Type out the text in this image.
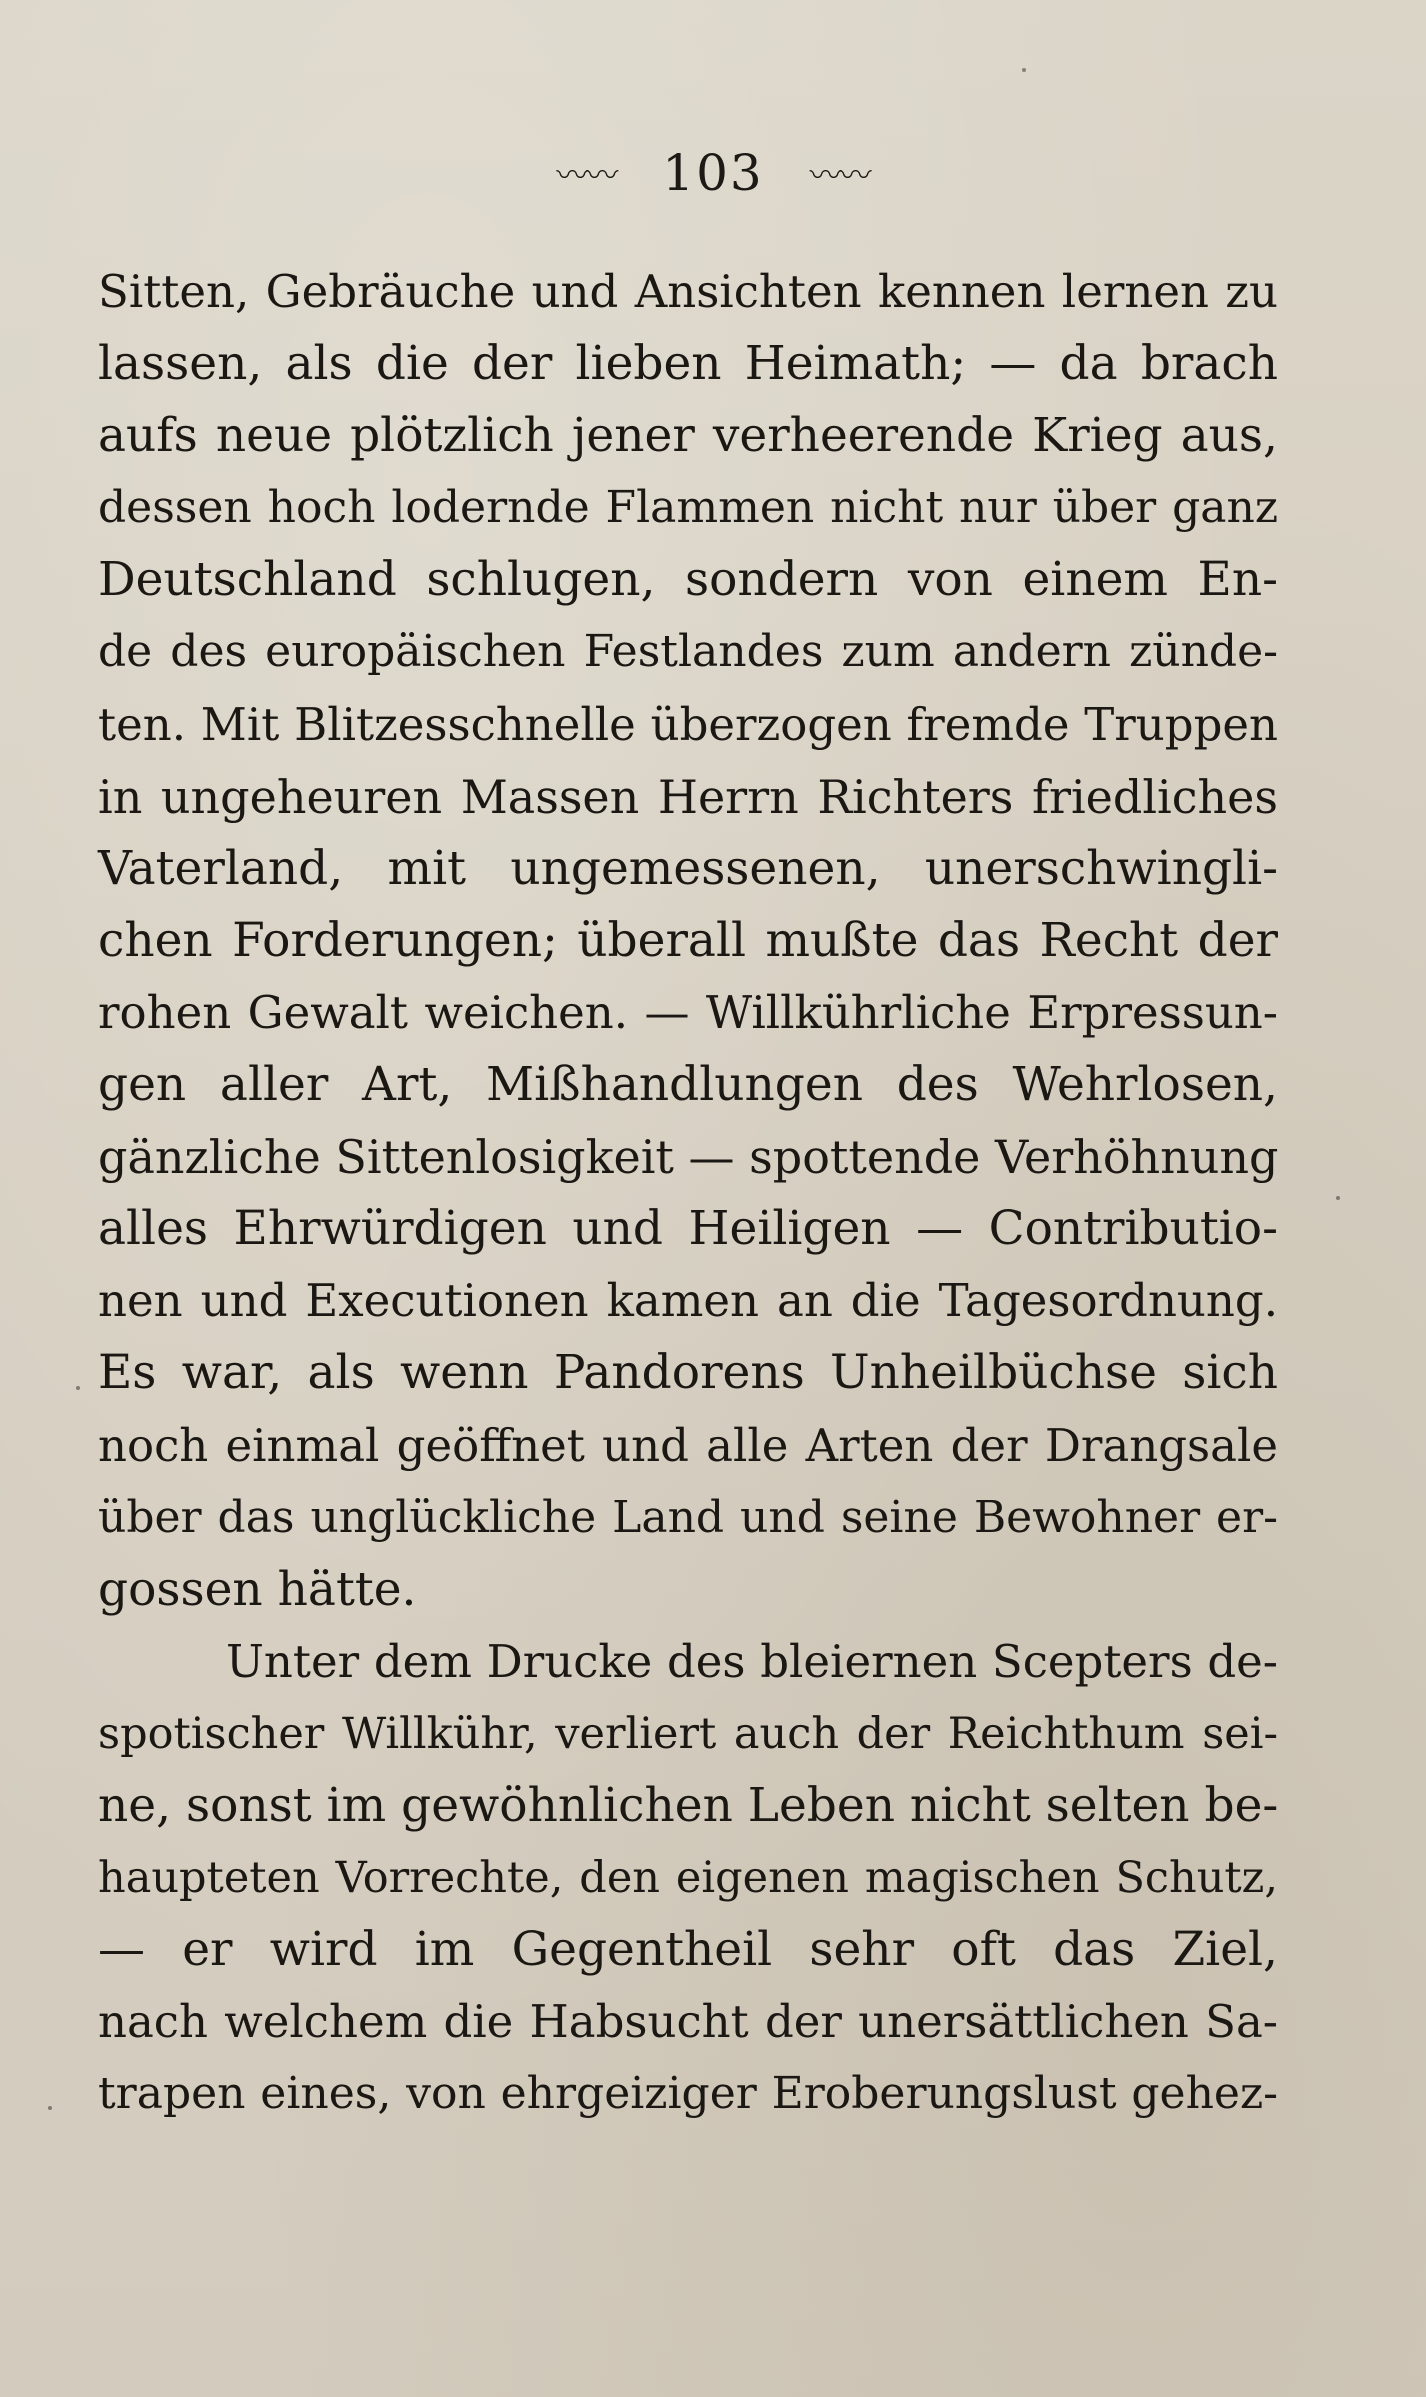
〰〰 103 〰〰
Sitten, Gebräuche und Ansichten kennen lernen zu
lassen, als die der lieben Heimath; — da brach
aufs neue plötzlich jener verheerende Krieg aus,
dessen hoch lodernde Flammen nicht nur über ganz
Deutschland schlugen, sondern von einem En-
de des europäischen Festlandes zum andern zünde-
ten. Mit Blitzesschnelle überzogen fremde Truppen
in ungeheuren Massen Herrn Richters friedliches
Vaterland, mit ungemessenen, unerschwingli-
chen Forderungen; überall mußte das Recht der
rohen Gewalt weichen. — Willkührliche Erpressun-
gen aller Art, Mißhandlungen des Wehrlosen,
gänzliche Sittenlosigkeit — spottende Verhöhnung
alles Ehrwürdigen und Heiligen — Contributio-
nen und Executionen kamen an die Tagesordnung.
Es war, als wenn Pandorens Unheilbüchse sich
noch einmal geöffnet und alle Arten der Drangsale
über das unglückliche Land und seine Bewohner er-
gossen hätte.
Unter dem Drucke des bleiernen Scepters de-
spotischer Willkühr, verliert auch der Reichthum sei-
ne, sonst im gewöhnlichen Leben nicht selten be-
haupteten Vorrechte, den eigenen magischen Schutz,
— er wird im Gegentheil sehr oft das Ziel,
nach welchem die Habsucht der unersättlichen Sa-
trapen eines, von ehrgeiziger Eroberungslust gehez-
